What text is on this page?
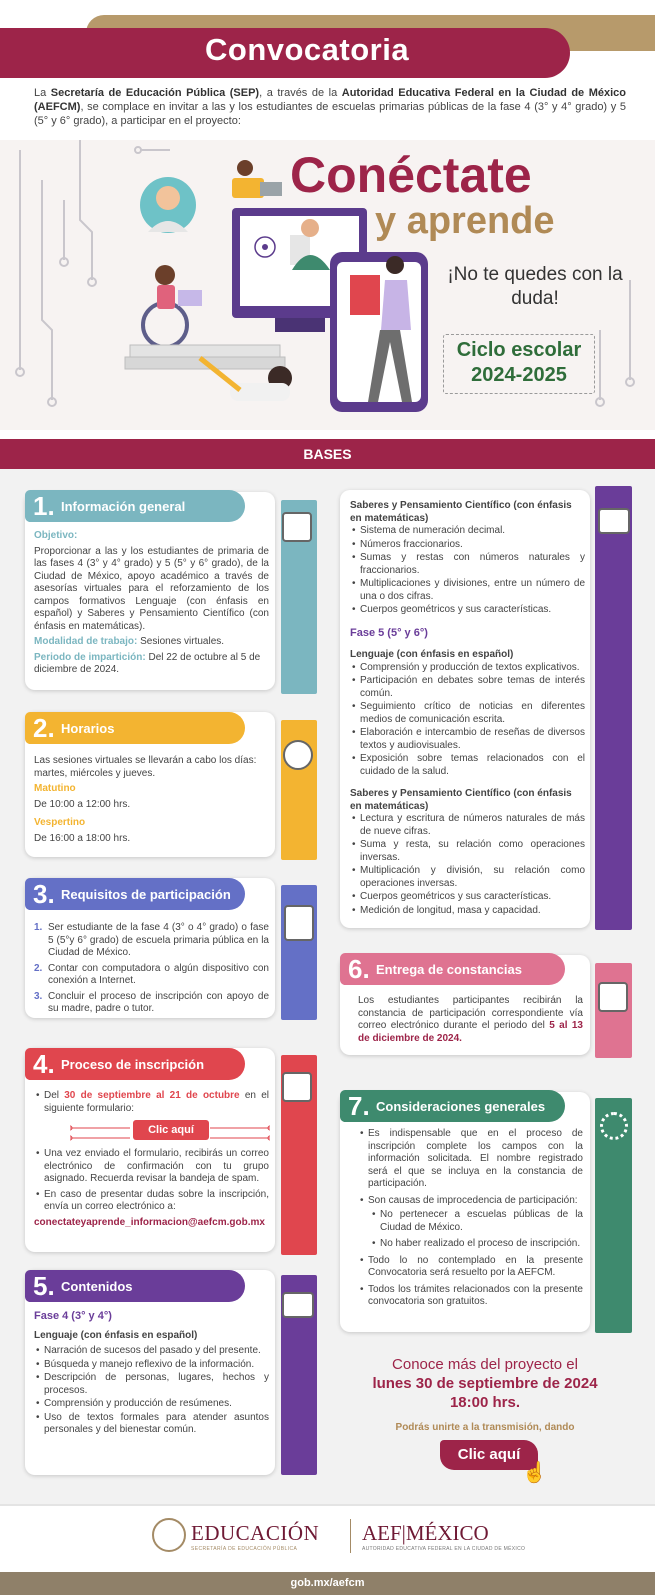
Convocatoria
La Secretaría de Educación Pública (SEP), a través de la Autoridad Educativa Federal en la Ciudad de México (AEFCM), se complace en invitar a las y los estudiantes de escuelas primarias públicas de la fase 4 (3° y 4° grado) y 5 (5° y 6° grado), a participar en el proyecto:
Conéctate
y aprende
¡No te quedes con la duda!
Ciclo escolar
2024-2025
BASES
1. Información general

Objetivo:

Proporcionar a las y los estudiantes de primaria de las fases 4 (3° y 4° grado) y 5 (5° y 6° grado), de la Ciudad de México, apoyo académico a través de asesorías virtuales para el reforzamiento de los campos formativos Lenguaje (con énfasis en español) y Saberes y Pensamiento Científico (con énfasis en matemáticas).

Modalidad de trabajo: Sesiones virtuales.

Periodo de impartición: Del 22 de octubre al 5 de diciembre de 2024.

2. Horarios

Las sesiones virtuales se llevarán a cabo los días: martes, miércoles y jueves.

Matutino

De 10:00 a 12:00 hrs.

Vespertino

De 16:00 a 18:00 hrs.

3. Requisitos de participación
1. Ser estudiante de la fase 4 (3° o 4° grado) o fase 5 (5°y 6° grado) de escuela primaria pública en la Ciudad de México.
2. Contar con computadora o algún dispositivo con conexión a Internet.
3. Concluir el proceso de inscripción con apoyo de su madre, padre o tutor.
4. Proceso de inscripción
• Del 30 de septiembre al 21 de octubre en el siguiente formulario:
Clic aquí
• Una vez enviado el formulario, recibirás un correo electrónico de confirmación con tu grupo asignado. Recuerda revisar la bandeja de spam.
• En caso de presentar dudas sobre la inscripción, envía un correo electrónico a:

conectateyaprende_informacion@aefcm.gob.mx

5. Contenidos

Fase 4 (3° y 4°)

Lenguaje (con énfasis en español)

• Narración de sucesos del pasado y del presente.
• Búsqueda y manejo reflexivo de la información.
• Descripción de personas, lugares, hechos y procesos.
• Comprensión y producción de resúmenes.
• Uso de textos formales para atender asuntos personales y del bienestar común.

Saberes y Pensamiento Científico (con énfasis en matemáticas)

• Sistema de numeración decimal.
• Números fraccionarios.
• Sumas y restas con números naturales y fraccionarios.
• Multiplicaciones y divisiones, entre un número de una o dos cifras.
• Cuerpos geométricos y sus características.

Fase 5 (5° y 6°)

Lenguaje (con énfasis en español)

• Comprensión y producción de textos explicativos.
• Participación en debates sobre temas de interés común.
• Seguimiento crítico de noticias en diferentes medios de comunicación escrita.
• Elaboración e intercambio de reseñas de diversos textos y audiovisuales.
• Exposición sobre temas relacionados con el cuidado de la salud.

Saberes y Pensamiento Científico (con énfasis en matemáticas)

• Lectura y escritura de números naturales de más de nueve cifras.
• Suma y resta, su relación como operaciones inversas.
• Multiplicación y división, su relación como operaciones inversas.
• Cuerpos geométricos y sus características.
• Medición de longitud, masa y capacidad.
6. Entrega de constancias
Los estudiantes participantes recibirán la constancia de participación correspondiente vía correo electrónico durante el periodo del 5 al 13 de diciembre de 2024.
7. Consideraciones generales
• Es indispensable que en el proceso de inscripción complete los campos con la información solicitada. El nombre registrado será el que se incluya en la constancia de participación.
• Son causas de improcedencia de participación:
• No pertenecer a escuelas públicas de la Ciudad de México.
• No haber realizado el proceso de inscripción.
• Todo lo no contemplado en la presente Convocatoria será resuelto por la AEFCM.
• Todos los trámites relacionados con la presente convocatoria son gratuitos.
Conoce más del proyecto el
lunes 30 de septiembre de 2024
18:00 hrs.
Podrás unirte a la transmisión, dando
Clic aquí
☝
EDUCACIÓN
SECRETARÍA DE EDUCACIÓN PÚBLICA
AEF|MÉXICO
AUTORIDAD EDUCATIVA FEDERAL EN LA CIUDAD DE MÉXICO
gob.mx/aefcm
